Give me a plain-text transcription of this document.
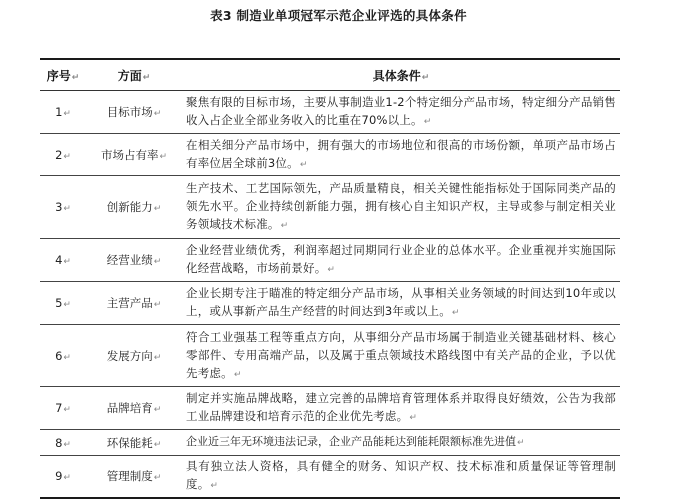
表3 制造业单项冠军示范企业评选的具体条件
序号↵	方面↵	具体条件↵
1↵	目标市场↵	聚焦有限的目标市场，主要从事制造业1-2个特定细分产品市场，特定细分产品销售收入占企业全部业务收入的比重在70%以上。↵
2↵	市场占有率↵	在相关细分产品市场中，拥有强大的市场地位和很高的市场份额，单项产品市场占有率位居全球前3位。↵
3↵	创新能力↵	生产技术、工艺国际领先，产品质量精良，相关关键性能指标处于国际同类产品的领先水平。企业持续创新能力强，拥有核心自主知识产权，主导或参与制定相关业务领域技术标准。↵
4↵	经营业绩↵	企业经营业绩优秀，利润率超过同期同行业企业的总体水平。企业重视并实施国际化经营战略，市场前景好。↵
5↵	主营产品↵	企业长期专注于瞄准的特定细分产品市场，从事相关业务领域的时间达到10年或以上，或从事新产品生产经营的时间达到3年或以上。↵
6↵	发展方向↵	符合工业强基工程等重点方向，从事细分产品市场属于制造业关键基础材料、核心零部件、专用高端产品，以及属于重点领域技术路线图中有关产品的企业，予以优先考虑。↵
7↵	品牌培育↵	制定并实施品牌战略，建立完善的品牌培育管理体系并取得良好绩效，公告为我部工业品牌建设和培育示范的企业优先考虑。↵
8↵	环保能耗↵	企业近三年无环境违法记录，企业产品能耗达到能耗限额标准先进值↵
9↵	管理制度↵	具有独立法人资格，具有健全的财务、知识产权、技术标准和质量保证等管理制度。↵
